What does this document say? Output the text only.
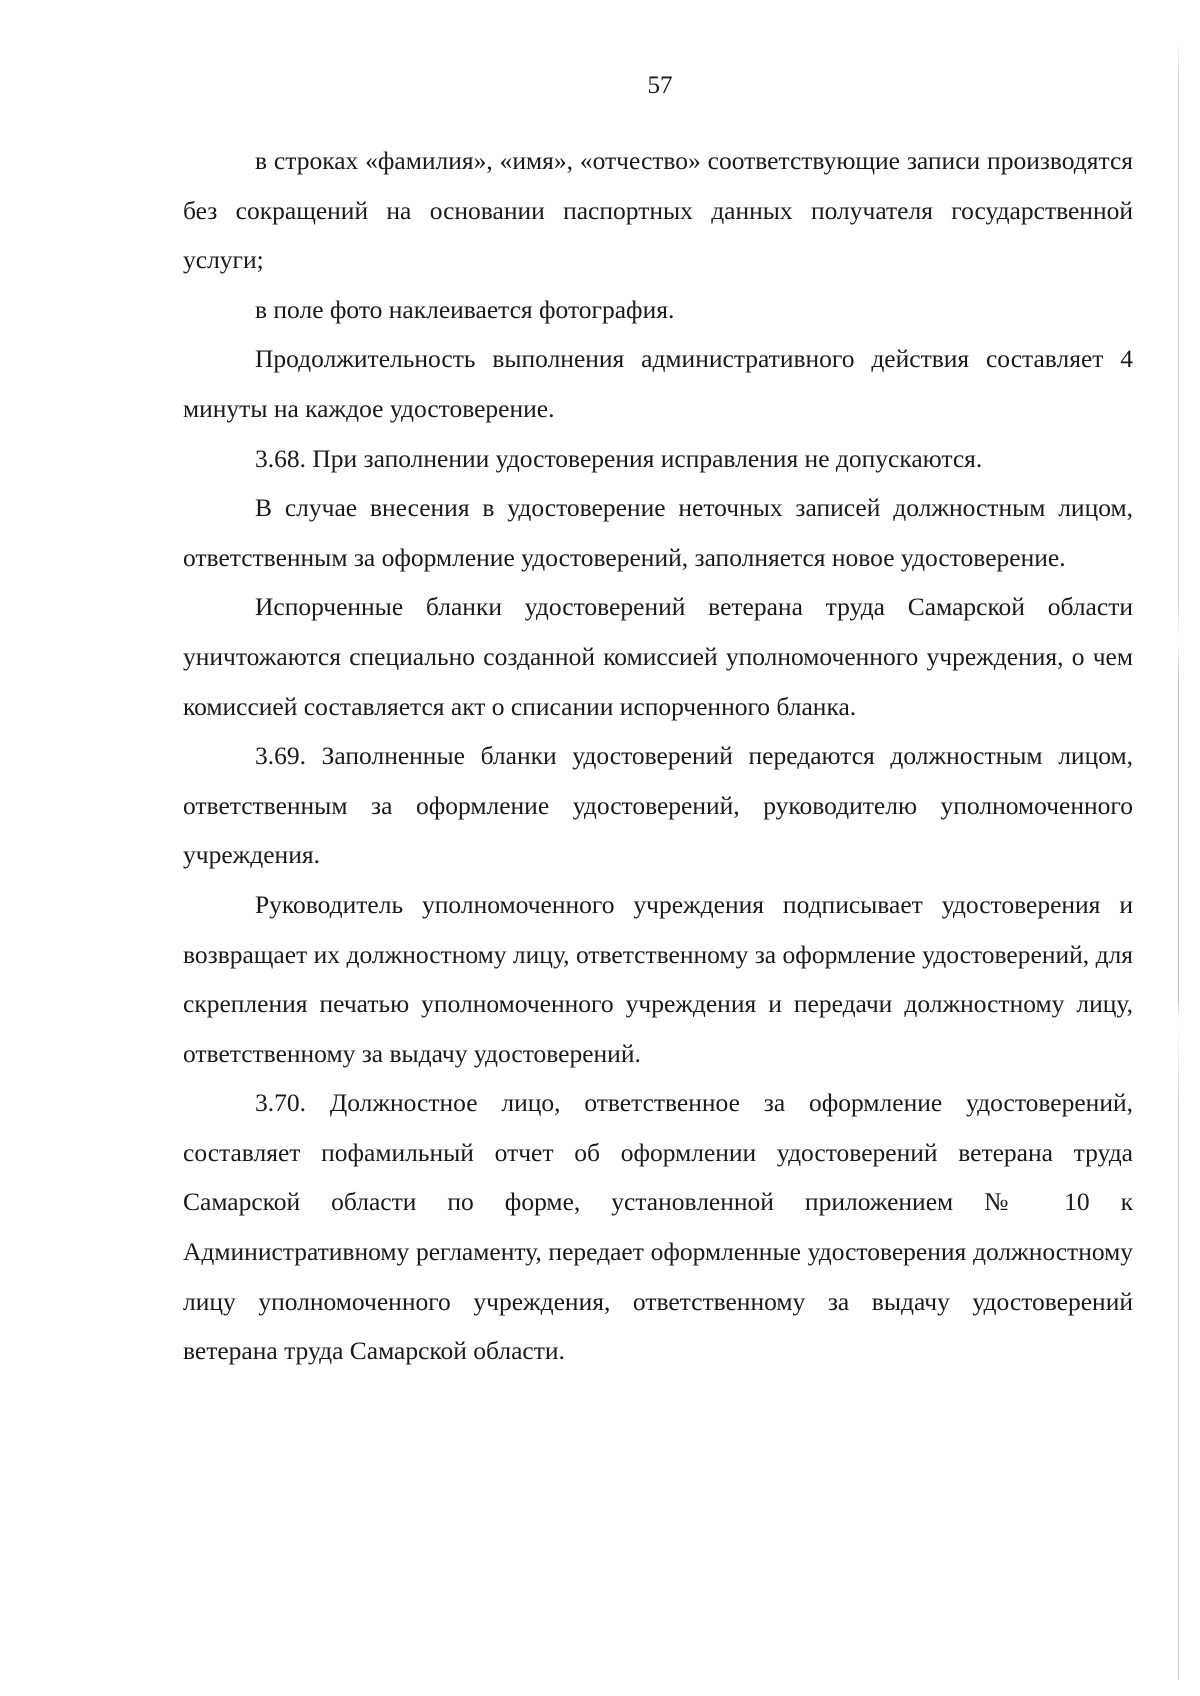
57

в строках «фамилия», «имя», «отчество» соответствующие записи производятся без сокращений на основании паспортных данных получателя государственной услуги;

в поле фото наклеивается фотография.

Продолжительность выполнения административного действия составляет 4 минуты на каждое удостоверение.

3.68. При заполнении удостоверения исправления не допускаются.

В случае внесения в удостоверение неточных записей должностным лицом, ответственным за оформление удостоверений, заполняется новое удостоверение.

Испорченные бланки удостоверений ветерана труда Самарской области уничтожаются специально созданной комиссией уполномоченного учреждения, о чем комиссией составляется акт о списании испорченного бланка.

3.69. Заполненные бланки удостоверений передаются должностным лицом, ответственным за оформление удостоверений, руководителю уполномоченного учреждения.

Руководитель уполномоченного учреждения подписывает удостоверения и возвращает их должностному лицу, ответственному за оформление удостоверений, для скрепления печатью уполномоченного учреждения и передачи должностному лицу, ответственному за выдачу удостоверений.

3.70. Должностное лицо, ответственное за оформление удостоверений, составляет пофамильный отчет об оформлении удостоверений ветерана труда Самарской области по форме, установленной приложением № 10 к Административному регламенту, передает оформленные удостоверения должностному лицу уполномоченного учреждения, ответственному за выдачу удостоверений ветерана труда Самарской области.
